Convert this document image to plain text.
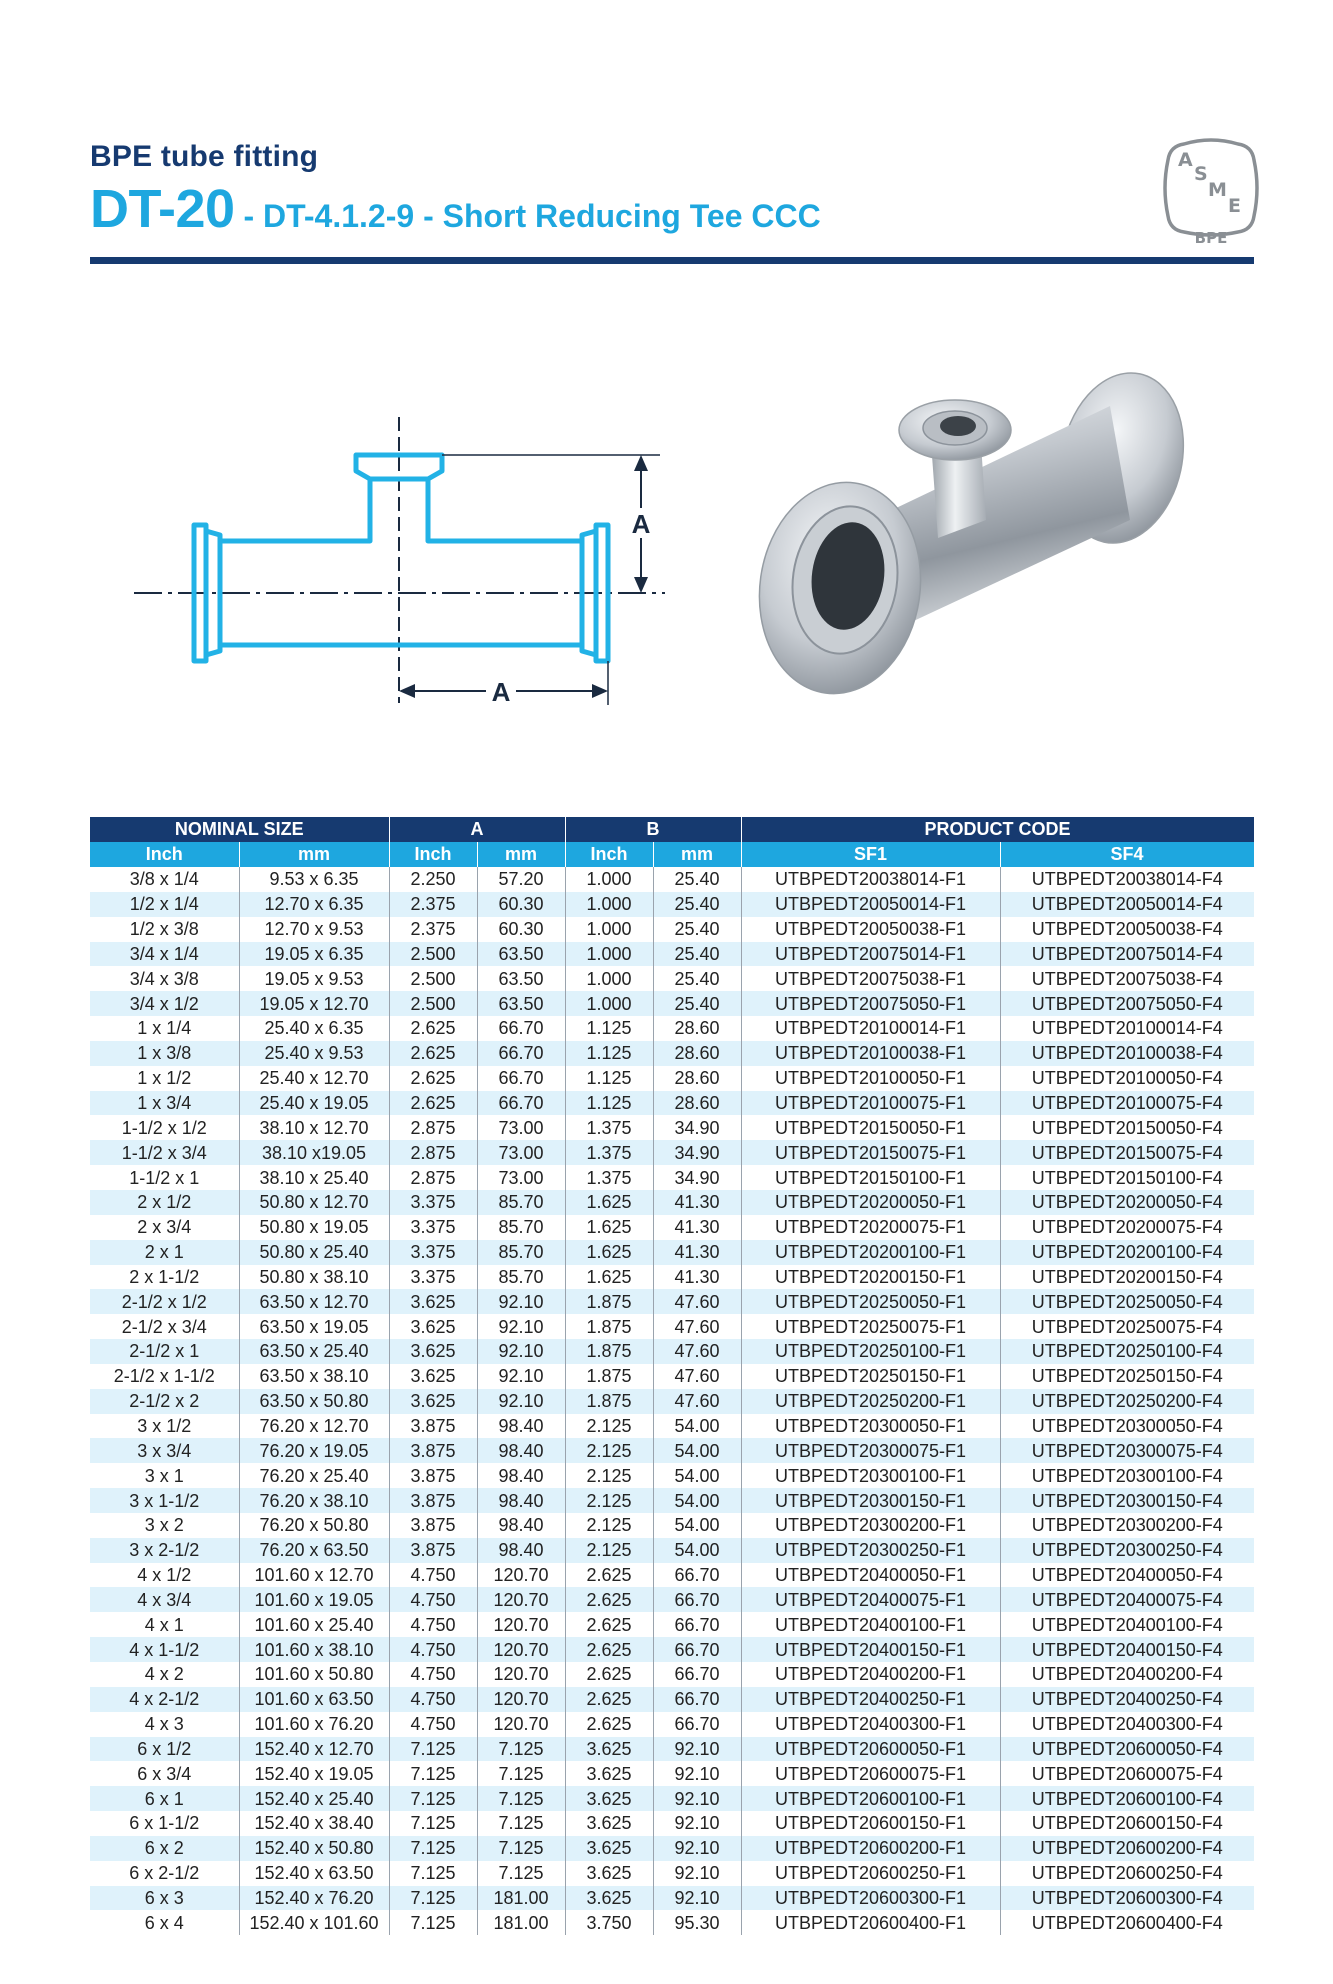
BPE tube fitting

DT-20 - DT-4.1.2-9 - Short Reducing Tee CCC
A
S
M
E
BPE
A
A
NOMINAL SIZE		A		B		PRODUCT CODE	
Inch	mm	Inch	mm	Inch	mm	SF1	SF4
3/8 x 1/4	9.53 x 6.35	2.250	57.20	1.000	25.40	UTBPEDT20038014-F1	UTBPEDT20038014-F4
1/2 x 1/4	12.70 x 6.35	2.375	60.30	1.000	25.40	UTBPEDT20050014-F1	UTBPEDT20050014-F4
1/2 x 3/8	12.70 x 9.53	2.375	60.30	1.000	25.40	UTBPEDT20050038-F1	UTBPEDT20050038-F4
3/4 x 1/4	19.05 x 6.35	2.500	63.50	1.000	25.40	UTBPEDT20075014-F1	UTBPEDT20075014-F4
3/4 x 3/8	19.05 x 9.53	2.500	63.50	1.000	25.40	UTBPEDT20075038-F1	UTBPEDT20075038-F4
3/4 x 1/2	19.05 x 12.70	2.500	63.50	1.000	25.40	UTBPEDT20075050-F1	UTBPEDT20075050-F4
1 x 1/4	25.40 x 6.35	2.625	66.70	1.125	28.60	UTBPEDT20100014-F1	UTBPEDT20100014-F4
1 x 3/8	25.40 x 9.53	2.625	66.70	1.125	28.60	UTBPEDT20100038-F1	UTBPEDT20100038-F4
1 x 1/2	25.40 x 12.70	2.625	66.70	1.125	28.60	UTBPEDT20100050-F1	UTBPEDT20100050-F4
1 x 3/4	25.40 x 19.05	2.625	66.70	1.125	28.60	UTBPEDT20100075-F1	UTBPEDT20100075-F4
1-1/2 x 1/2	38.10 x 12.70	2.875	73.00	1.375	34.90	UTBPEDT20150050-F1	UTBPEDT20150050-F4
1-1/2 x 3/4	38.10 x19.05	2.875	73.00	1.375	34.90	UTBPEDT20150075-F1	UTBPEDT20150075-F4
1-1/2 x 1	38.10 x 25.40	2.875	73.00	1.375	34.90	UTBPEDT20150100-F1	UTBPEDT20150100-F4
2 x 1/2	50.80 x 12.70	3.375	85.70	1.625	41.30	UTBPEDT20200050-F1	UTBPEDT20200050-F4
2 x 3/4	50.80 x 19.05	3.375	85.70	1.625	41.30	UTBPEDT20200075-F1	UTBPEDT20200075-F4
2 x 1	50.80 x 25.40	3.375	85.70	1.625	41.30	UTBPEDT20200100-F1	UTBPEDT20200100-F4
2 x 1-1/2	50.80 x 38.10	3.375	85.70	1.625	41.30	UTBPEDT20200150-F1	UTBPEDT20200150-F4
2-1/2 x 1/2	63.50 x 12.70	3.625	92.10	1.875	47.60	UTBPEDT20250050-F1	UTBPEDT20250050-F4
2-1/2 x 3/4	63.50 x 19.05	3.625	92.10	1.875	47.60	UTBPEDT20250075-F1	UTBPEDT20250075-F4
2-1/2 x 1	63.50 x 25.40	3.625	92.10	1.875	47.60	UTBPEDT20250100-F1	UTBPEDT20250100-F4
2-1/2 x 1-1/2	63.50 x 38.10	3.625	92.10	1.875	47.60	UTBPEDT20250150-F1	UTBPEDT20250150-F4
2-1/2 x 2	63.50 x 50.80	3.625	92.10	1.875	47.60	UTBPEDT20250200-F1	UTBPEDT20250200-F4
3 x 1/2	76.20 x 12.70	3.875	98.40	2.125	54.00	UTBPEDT20300050-F1	UTBPEDT20300050-F4
3 x 3/4	76.20 x 19.05	3.875	98.40	2.125	54.00	UTBPEDT20300075-F1	UTBPEDT20300075-F4
3 x 1	76.20 x 25.40	3.875	98.40	2.125	54.00	UTBPEDT20300100-F1	UTBPEDT20300100-F4
3 x 1-1/2	76.20 x 38.10	3.875	98.40	2.125	54.00	UTBPEDT20300150-F1	UTBPEDT20300150-F4
3 x 2	76.20 x 50.80	3.875	98.40	2.125	54.00	UTBPEDT20300200-F1	UTBPEDT20300200-F4
3 x 2-1/2	76.20 x 63.50	3.875	98.40	2.125	54.00	UTBPEDT20300250-F1	UTBPEDT20300250-F4
4 x 1/2	101.60 x 12.70	4.750	120.70	2.625	66.70	UTBPEDT20400050-F1	UTBPEDT20400050-F4
4 x 3/4	101.60 x 19.05	4.750	120.70	2.625	66.70	UTBPEDT20400075-F1	UTBPEDT20400075-F4
4 x 1	101.60 x 25.40	4.750	120.70	2.625	66.70	UTBPEDT20400100-F1	UTBPEDT20400100-F4
4 x 1-1/2	101.60 x 38.10	4.750	120.70	2.625	66.70	UTBPEDT20400150-F1	UTBPEDT20400150-F4
4 x 2	101.60 x 50.80	4.750	120.70	2.625	66.70	UTBPEDT20400200-F1	UTBPEDT20400200-F4
4 x 2-1/2	101.60 x 63.50	4.750	120.70	2.625	66.70	UTBPEDT20400250-F1	UTBPEDT20400250-F4
4 x 3	101.60 x 76.20	4.750	120.70	2.625	66.70	UTBPEDT20400300-F1	UTBPEDT20400300-F4
6 x 1/2	152.40 x 12.70	7.125	7.125	3.625	92.10	UTBPEDT20600050-F1	UTBPEDT20600050-F4
6 x 3/4	152.40 x 19.05	7.125	7.125	3.625	92.10	UTBPEDT20600075-F1	UTBPEDT20600075-F4
6 x 1	152.40 x 25.40	7.125	7.125	3.625	92.10	UTBPEDT20600100-F1	UTBPEDT20600100-F4
6 x 1-1/2	152.40 x 38.40	7.125	7.125	3.625	92.10	UTBPEDT20600150-F1	UTBPEDT20600150-F4
6 x 2	152.40 x 50.80	7.125	7.125	3.625	92.10	UTBPEDT20600200-F1	UTBPEDT20600200-F4
6 x 2-1/2	152.40 x 63.50	7.125	7.125	3.625	92.10	UTBPEDT20600250-F1	UTBPEDT20600250-F4
6 x 3	152.40 x 76.20	7.125	181.00	3.625	92.10	UTBPEDT20600300-F1	UTBPEDT20600300-F4
6 x 4	152.40 x 101.60	7.125	181.00	3.750	95.30	UTBPEDT20600400-F1	UTBPEDT20600400-F4
